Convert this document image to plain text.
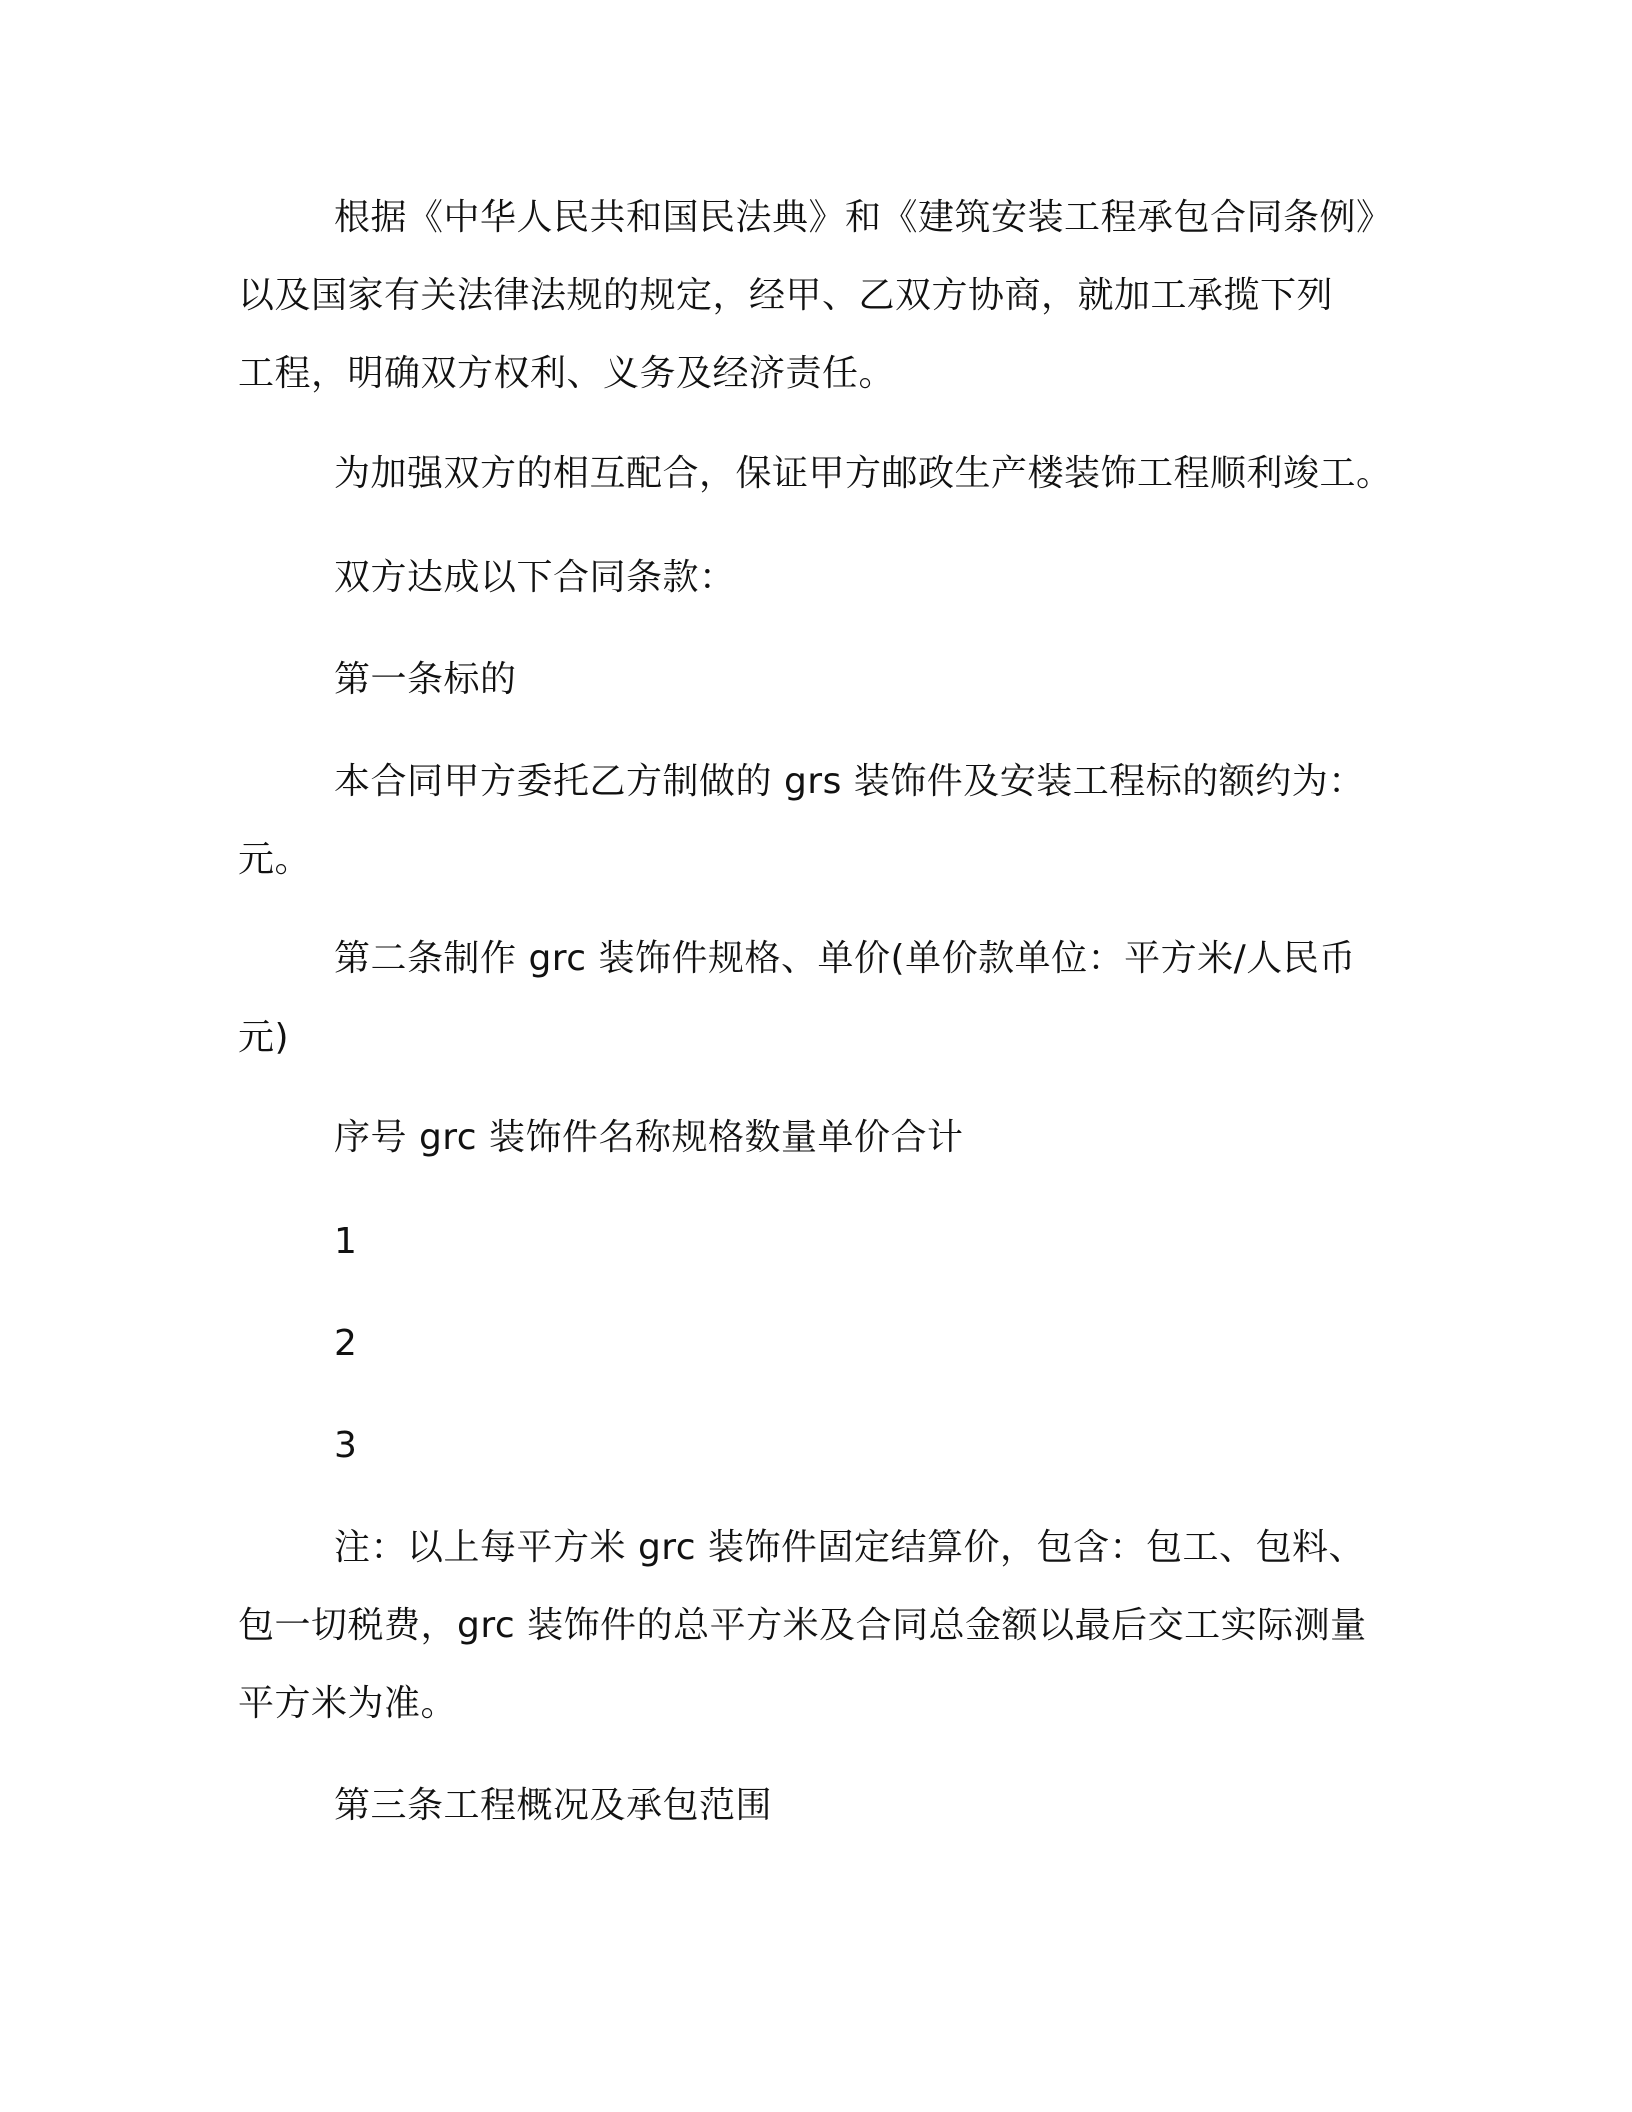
根据《中华人民共和国民法典》和《建筑安装工程承包合同条例》
以及国家有关法律法规的规定，经甲、乙双方协商，就加工承揽下列
工程，明确双方权利、义务及经济责任。
为加强双方的相互配合，保证甲方邮政生产楼装饰工程顺利竣工。
双方达成以下合同条款：
第一条标的
本合同甲方委托乙方制做的 grs 装饰件及安装工程标的额约为：
元。
第二条制作 grc 装饰件规格、单价(单价款单位：平方米/人民币
元)
序号 grc 装饰件名称规格数量单价合计
1
2
3
注：以上每平方米 grc 装饰件固定结算价，包含：包工、包料、
包一切税费，grc 装饰件的总平方米及合同总金额以最后交工实际测量
平方米为准。
第三条工程概况及承包范围
